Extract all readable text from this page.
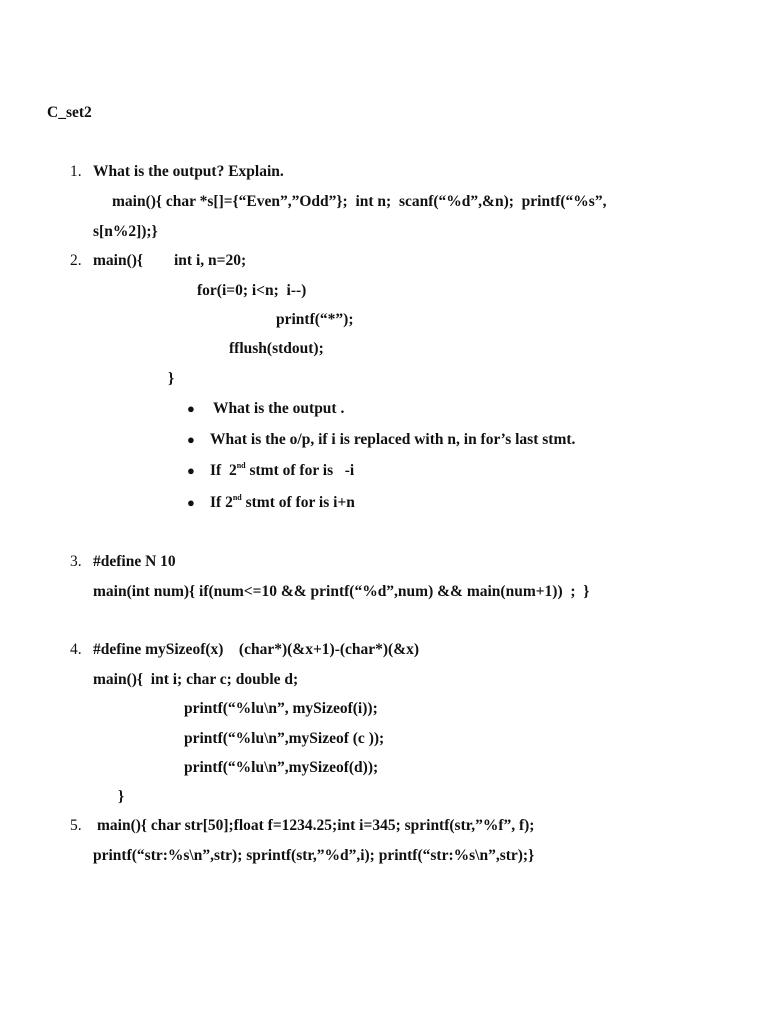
C_set2
1. What is the output? Explain.
main(){ char *s[]={“Even”,”Odd”};  int n;  scanf(“%d”,&n);  printf(“%s”,
s[n%2]);}
2. main(){ int i, n=20;
for(i=0; i<n;  i--)
printf(“*”);
fflush(stdout);
}
● What is the output .
● What is the o/p, if i is replaced with n, in for’s last stmt.
● If  2nd stmt of for is   -i
● If 2nd stmt of for is i+n
3. #define N 10
main(int num){ if(num<=10 && printf(“%d”,num) && main(num+1))  ;  }
4. #define mySizeof(x)    (char*)(&x+1)-(char*)(&x)
main(){  int i; char c; double d;
printf(“%lu\n”, mySizeof(i));
printf(“%lu\n”,mySizeof (c ));
printf(“%lu\n”,mySizeof(d));
}
5. main(){ char str[50];float f=1234.25;int i=345; sprintf(str,”%f”, f);
printf(“str:%s\n”,str); sprintf(str,”%d”,i); printf(“str:%s\n”,str);}
